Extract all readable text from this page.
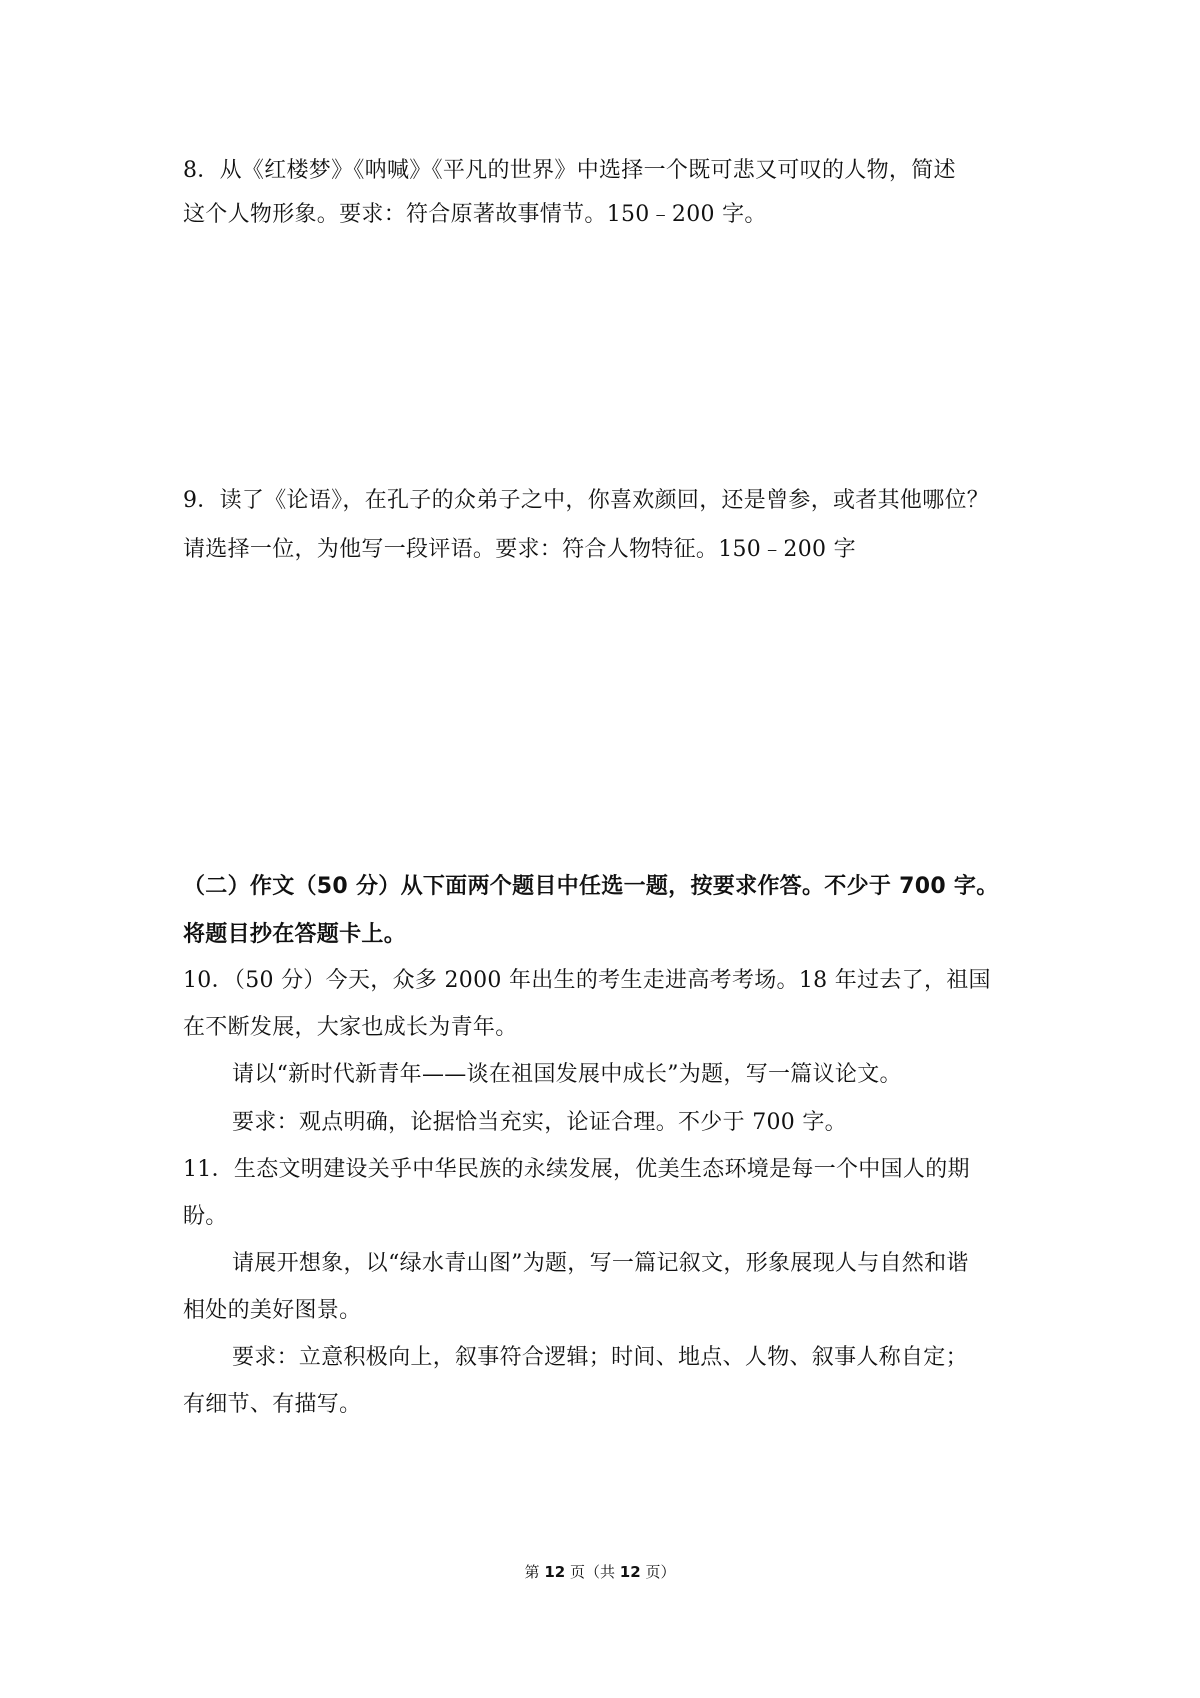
8．从《红楼梦》《呐喊》《平凡的世界》中选择一个既可悲又可叹的人物，简述
这个人物形象。要求：符合原著故事情节。150﹣200 字。
9．读了《论语》，在孔子的众弟子之中，你喜欢颜回，还是曾参，或者其他哪位？
请选择一位，为他写一段评语。要求：符合人物特征。150﹣200 字
（二）作文（50 分）从下面两个题目中任选一题，按要求作答。不少于 700 字。
将题目抄在答题卡上。
10．（50 分）今天，众多 2000 年出生的考生走进高考考场。18 年过去了，祖国
在不断发展，大家也成长为青年。
请以“新时代新青年——谈在祖国发展中成长”为题，写一篇议论文。
要求：观点明确，论据恰当充实，论证合理。不少于 700 字。
11．生态文明建设关乎中华民族的永续发展，优美生态环境是每一个中国人的期
盼。
请展开想象，以“绿水青山图”为题，写一篇记叙文，形象展现人与自然和谐
相处的美好图景。
要求：立意积极向上，叙事符合逻辑；时间、地点、人物、叙事人称自定；
有细节、有描写。
第 12 页（共 12 页）
